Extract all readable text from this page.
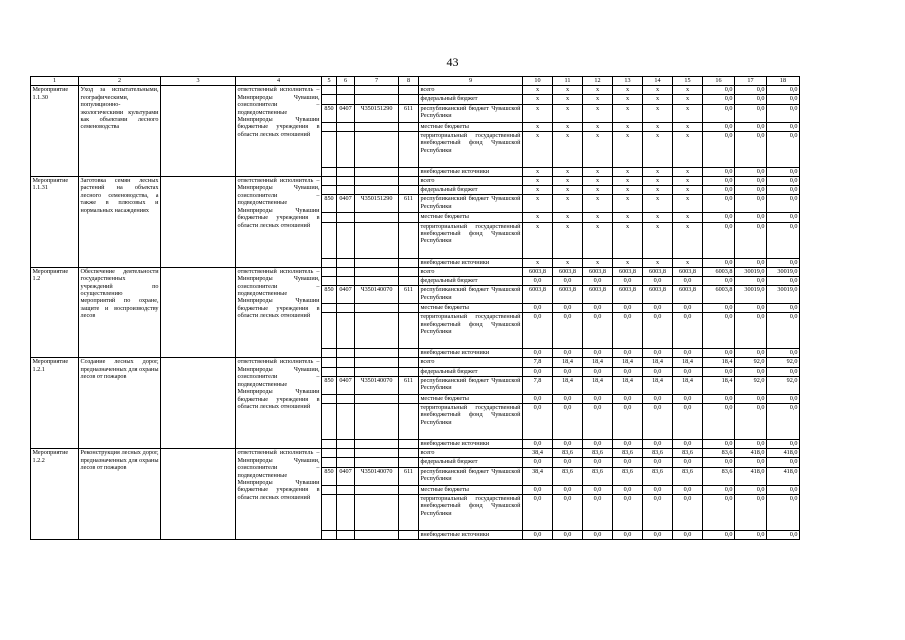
43
1	2	3	4	5	6	7	8	9	10	11	12	13	14	15	16	17	18
Мероприятие 1.1.30	Уход за испытательными, географическими, популяционно-экологическими культурами как объектами лесного семеноводства		ответственный исполнитель – Минприроды Чувашии, соисполнители – подведомственные Минприроды Чувашии бюджетные учреждения в области лесных отношений					всего	x	x	x	x	x	x	0,0	0,0	0,0
								федеральный бюджет	x	x	x	x	x	x	0,0	0,0	0,0
				850	0407	Ч350151290	611	республиканский бюджет Чувашской Республики	x	x	x	x	x	x	0,0	0,0	0,0
								местные бюджеты	x	x	x	x	x	x	0,0	0,0	0,0
								территориальный государственный внебюджетный фонд Чувашской Республики	x	x	x	x	x	x	0,0	0,0	0,0
								внебюджетные источники	x	x	x	x	x	x	0,0	0,0	0,0
Мероприятие 1.1.31	Заготовка семян лесных растений на объектах лесного семеноводства, а также в плюсовых и нормальных насаждениях		ответственный исполнитель – Минприроды Чувашии, соисполнители – подведомственные Минприроды Чувашии бюджетные учреждения в области лесных отношений					всего	x	x	x	x	x	x	0,0	0,0	0,0
								федеральный бюджет	x	x	x	x	x	x	0,0	0,0	0,0
				850	0407	Ч350151290	611	республиканский бюджет Чувашской Республики	x	x	x	x	x	x	0,0	0,0	0,0
								местные бюджеты	x	x	x	x	x	x	0,0	0,0	0,0
								территориальный государственный внебюджетный фонд Чувашской Республики	x	x	x	x	x	x	0,0	0,0	0,0
								внебюджетные источники	x	x	x	x	x	x	0,0	0,0	0,0
Мероприятие 1.2	Обеспечение деятельности государственных учреждений по осуществлению мероприятий по охране, защите и воспроизводству лесов		ответственный исполнитель – Минприроды Чувашии, соисполнители – подведомственные Минприроды Чувашии бюджетные учреждения в области лесных отношений					всего	6003,8	6003,8	6003,8	6003,8	6003,8	6003,8	6003,8	30019,0	30019,0
								федеральный бюджет	0,0	0,0	0,0	0,0	0,0	0,0	0,0	0,0	0,0
				850	0407	Ч350140070	611	республиканский бюджет Чувашской Республики	6003,8	6003,8	6003,8	6003,8	6003,8	6003,8	6003,8	30019,0	30019,0
								местные бюджеты	0,0	0,0	0,0	0,0	0,0	0,0	0,0	0,0	0,0
								территориальный государственный внебюджетный фонд Чувашской Республики	0,0	0,0	0,0	0,0	0,0	0,0	0,0	0,0	0,0
								внебюджетные источники	0,0	0,0	0,0	0,0	0,0	0,0	0,0	0,0	0,0
Мероприятие 1.2.1	Создание лесных дорог, предназначенных для охраны лесов от пожаров		ответственный исполнитель – Минприроды Чувашии, соисполнители – подведомственные Минприроды Чувашии бюджетные учреждения в области лесных отношений					всего	7,8	18,4	18,4	18,4	18,4	18,4	18,4	92,0	92,0
								федеральный бюджет	0,0	0,0	0,0	0,0	0,0	0,0	0,0	0,0	0,0
				850	0407	Ч350140070	611	республиканский бюджет Чувашской Республики	7,8	18,4	18,4	18,4	18,4	18,4	18,4	92,0	92,0
								местные бюджеты	0,0	0,0	0,0	0,0	0,0	0,0	0,0	0,0	0,0
								территориальный государственный внебюджетный фонд Чувашской Республики	0,0	0,0	0,0	0,0	0,0	0,0	0,0	0,0	0,0
								внебюджетные источники	0,0	0,0	0,0	0,0	0,0	0,0	0,0	0,0	0,0
Мероприятие 1.2.2	Реконструкция лесных дорог, предназначенных для охраны лесов от пожаров		ответственный исполнитель – Минприроды Чувашии, соисполнители – подведомственные Минприроды Чувашии бюджетные учреждения в области лесных отношений					всего	38,4	83,6	83,6	83,6	83,6	83,6	83,6	418,0	418,0
								федеральный бюджет	0,0	0,0	0,0	0,0	0,0	0,0	0,0	0,0	0,0
				850	0407	Ч350140070	611	республиканский бюджет Чувашской Республики	38,4	83,6	83,6	83,6	83,6	83,6	83,6	418,0	418,0
								местные бюджеты	0,0	0,0	0,0	0,0	0,0	0,0	0,0	0,0	0,0
								территориальный государственный внебюджетный фонд Чувашской Республики	0,0	0,0	0,0	0,0	0,0	0,0	0,0	0,0	0,0
								внебюджетные источники	0,0	0,0	0,0	0,0	0,0	0,0	0,0	0,0	0,0
